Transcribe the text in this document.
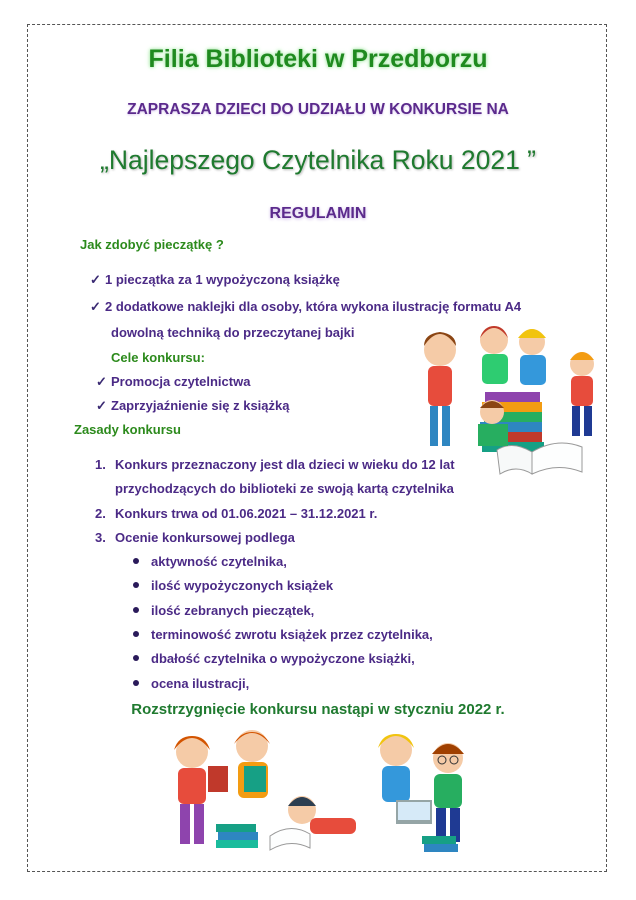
Filia Biblioteki w Przedborzu
ZAPRASZA DZIECI DO UDZIAŁU W KONKURSIE NA
„Najlepszego Czytelnika Roku 2021 ”
REGULAMIN
Jak zdobyć pieczątkę ?
✓ 1 pieczątka za 1 wypożyczoną książkę
✓ 2 dodatkowe naklejki dla osoby, która wykona ilustrację formatu A4
dowolną techniką do przeczytanej bajki
Cele konkursu:
✓ Promocja czytelnictwa
✓ Zaprzyjaźnienie się z książką
Zasady konkursu
1. Konkurs przeznaczony jest dla dzieci w wieku do 12 lat
przychodzących do biblioteki ze swoją kartą czytelnika
2. Konkurs trwa od 01.06.2021 – 31.12.2021 r.
3. Ocenie konkursowej podlega
aktywność czytelnika,
ilość wypożyczonych książek
ilość zebranych pieczątek,
terminowość zwrotu książek przez czytelnika,
dbałość czytelnika o wypożyczone książki,
ocena ilustracji,
Rozstrzygnięcie konkursu nastąpi w styczniu 2022 r.
